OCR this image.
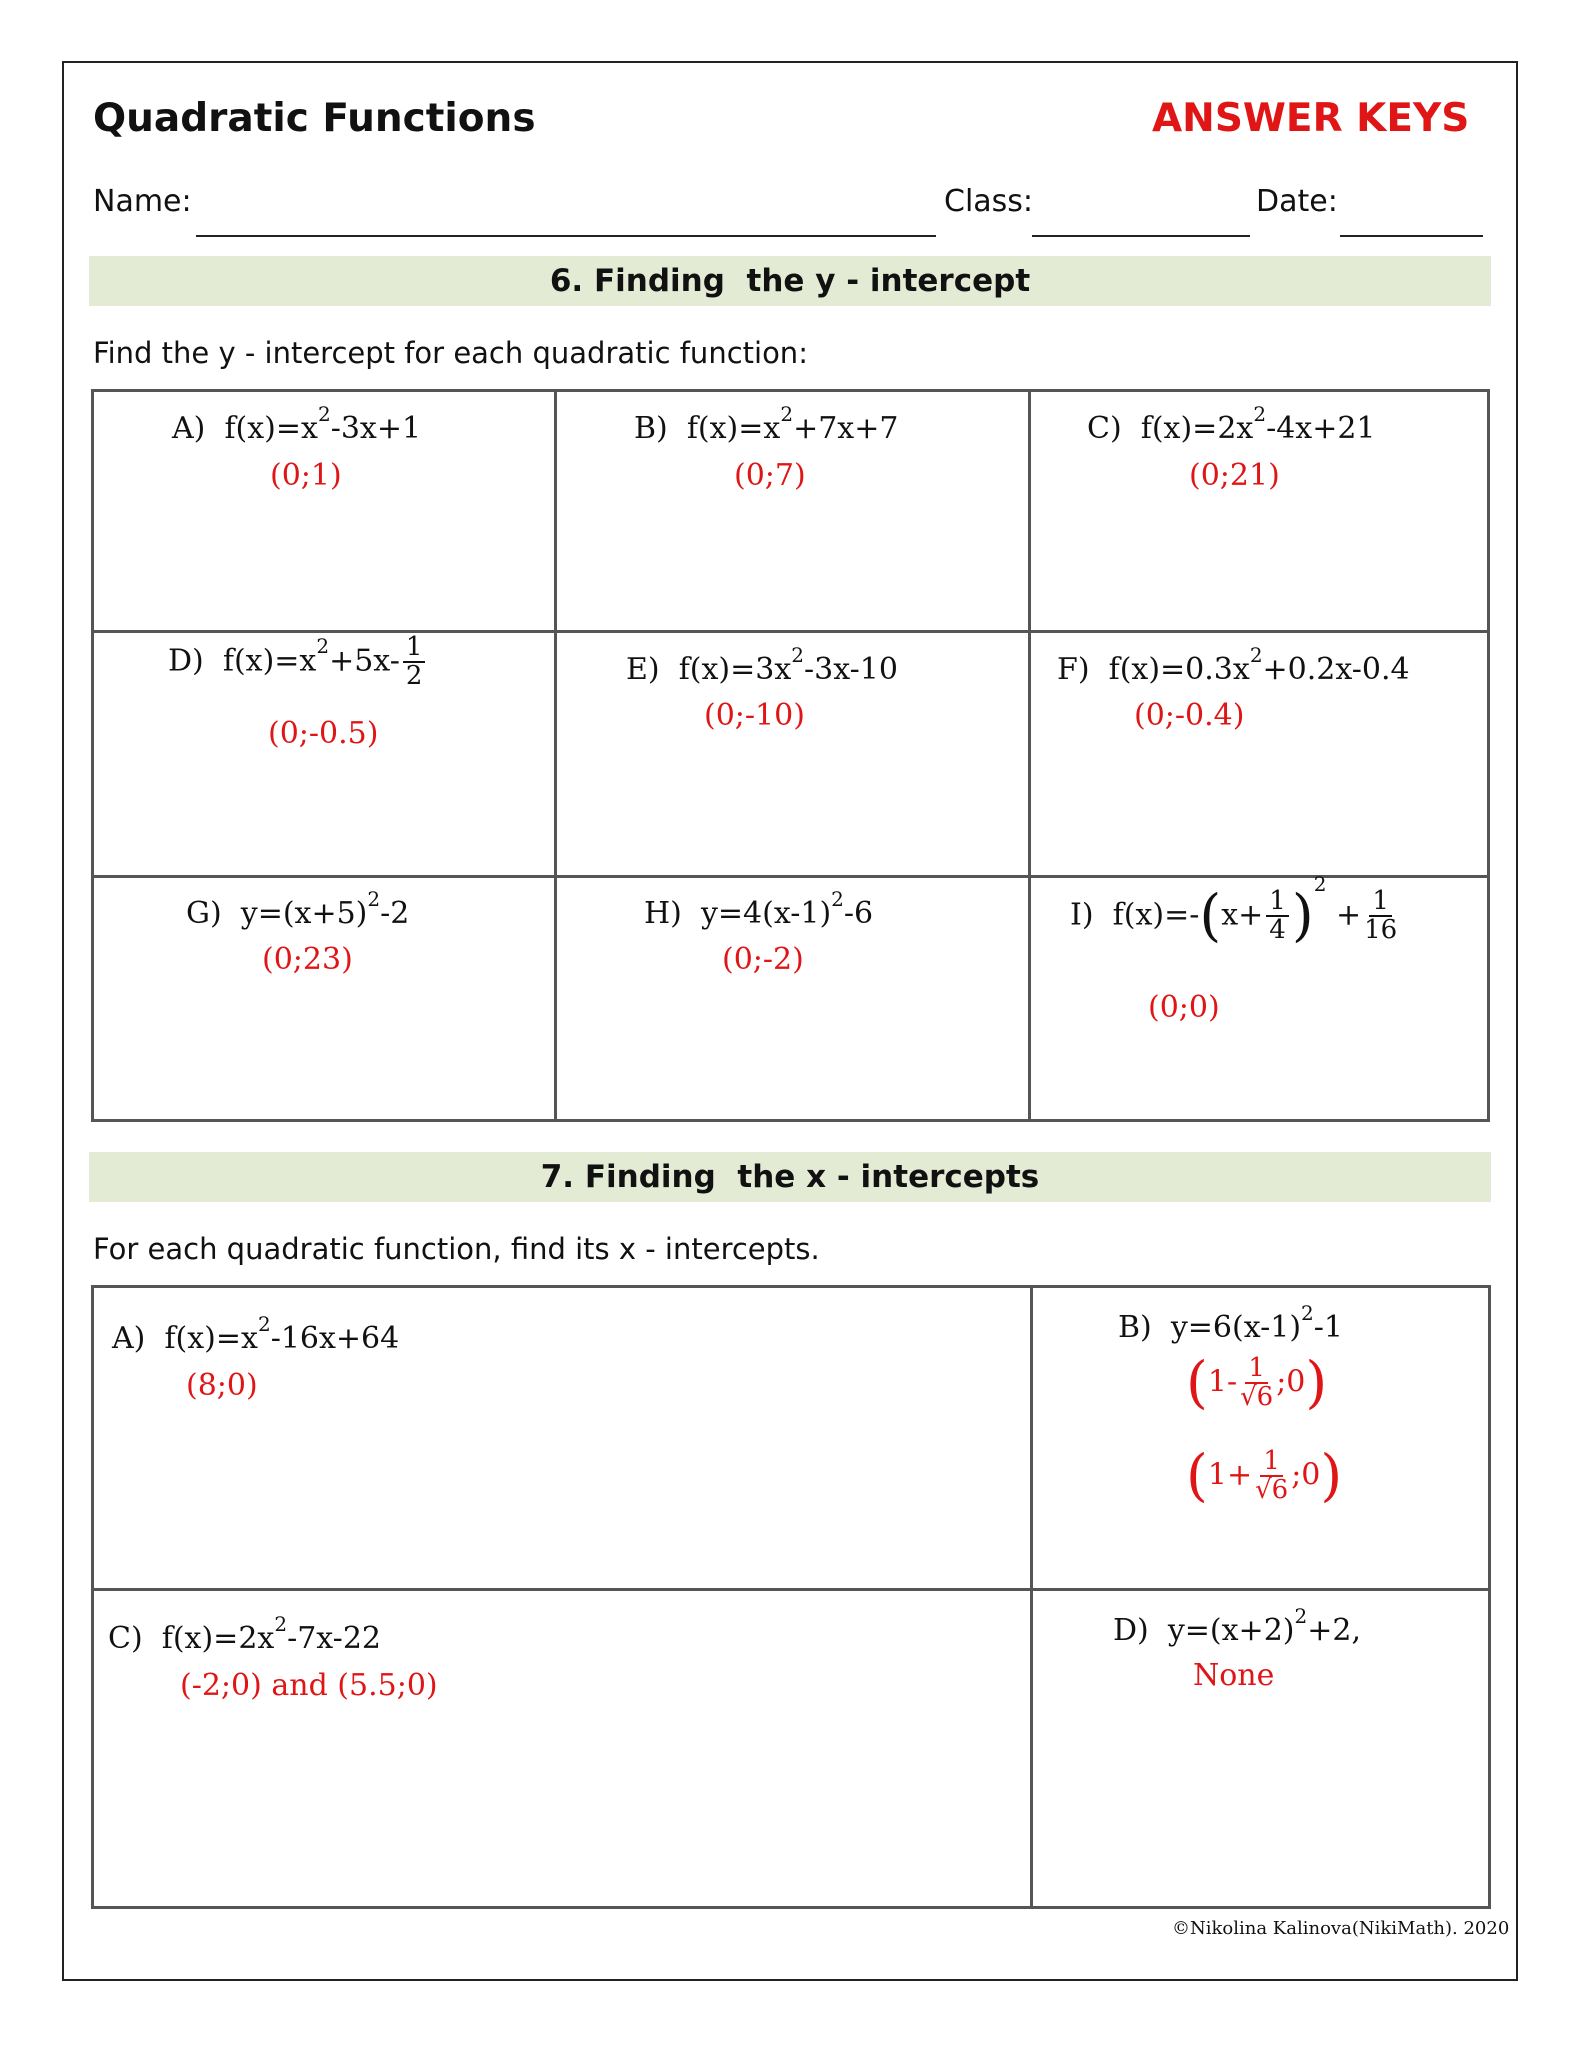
Quadratic Functions	ANSWER KEYS
Name:	Class:	Date:
6. Finding  the y - intercept
Find the y - intercept for each quadratic function:
A) $f(x)=x^2-3x+1$
(0;1)
B) $f(x)=x^2+7x+7$
(0;7)
C) $f(x)=2x^2-4x+21$
(0;21)
D) $f(x)=x^2+5x- \frac{1}{2}$
(0;-0.5)
E) $f(x)=3x^2-3x-10$
(0;-10)
F) $f(x)=0.3x^2+0.2x-0.4$
(0;-0.4)
G) $y=(x+5)^2-2$
(0;23)
H) $y=4(x-1)^2-6$
(0;-2)
I) $f(x)=-(x+ \frac{1}{4} )^2 + \frac{1}{16}$
(0;0)
7. Finding  the x - intercepts
For each quadratic function, find its x - intercepts.
A) $f(x)=x^2-16x+64$
(8;0)
B) $y=6(x-1)^2-1$
($1- \frac{1}{√6}$ ;0)
($1+ \frac{1}{√6}$ ;0)
C) $f(x)=2x^2-7x-22$
(-2;0) and (5.5;0)
D) $y=(x+2)^2+2$,
None
©Nikolina Kalinova(NikiMath). 2020
